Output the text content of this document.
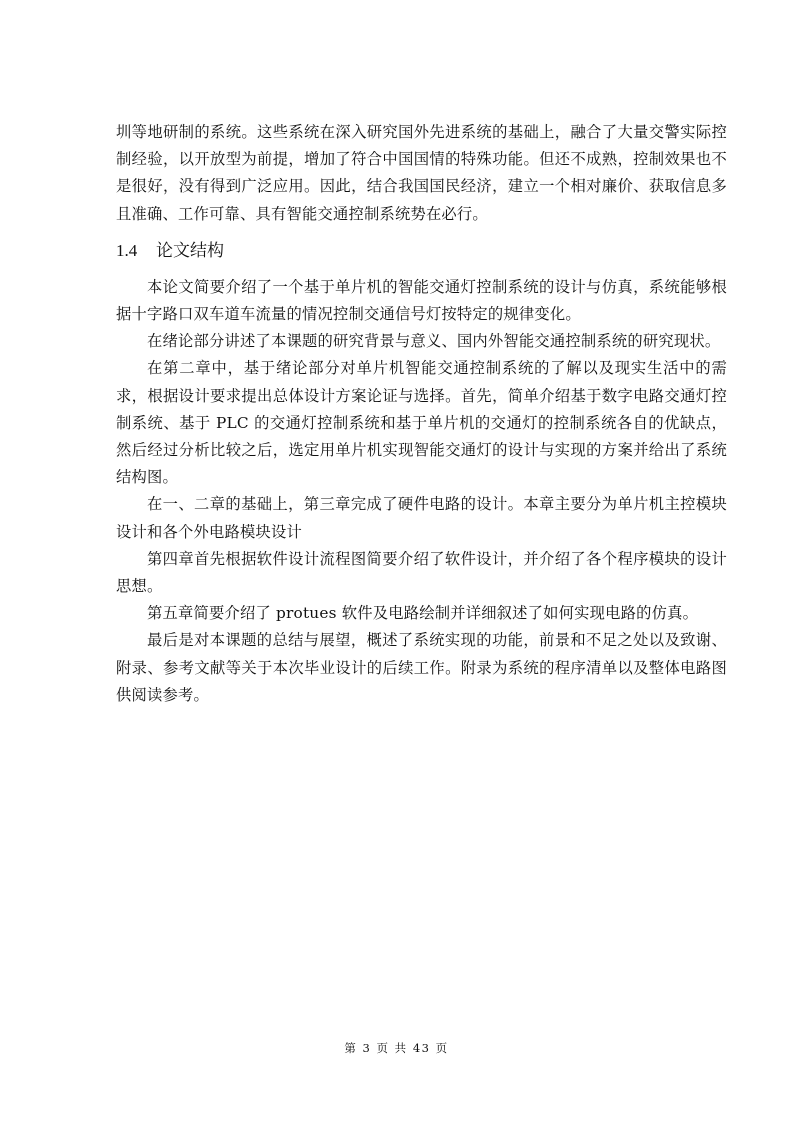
圳等地研制的系统。这些系统在深入研究国外先进系统的基础上，融合了大量交警实际控制经验，以开放型为前提，增加了符合中国国情的特殊功能。但还不成熟，控制效果也不是很好，没有得到广泛应用。因此，结合我国国民经济，建立一个相对廉价、获取信息多且准确、工作可靠、具有智能交通控制系统势在必行。

1.4 论文结构

本论文简要介绍了一个基于单片机的智能交通灯控制系统的设计与仿真，系统能够根据十字路口双车道车流量的情况控制交通信号灯按特定的规律变化。

在绪论部分讲述了本课题的研究背景与意义、国内外智能交通控制系统的研究现状。

在第二章中，基于绪论部分对单片机智能交通控制系统的了解以及现实生活中的需求，根据设计要求提出总体设计方案论证与选择。首先，简单介绍基于数字电路交通灯控制系统、基于 PLC 的交通灯控制系统和基于单片机的交通灯的控制系统各自的优缺点，然后经过分析比较之后，选定用单片机实现智能交通灯的设计与实现的方案并给出了系统结构图。

在一、二章的基础上，第三章完成了硬件电路的设计。本章主要分为单片机主控模块设计和各个外电路模块设计

第四章首先根据软件设计流程图简要介绍了软件设计，并介绍了各个程序模块的设计思想。

第五章简要介绍了 protues 软件及电路绘制并详细叙述了如何实现电路的仿真。

最后是对本课题的总结与展望，概述了系统实现的功能，前景和不足之处以及致谢、附录、参考文献等关于本次毕业设计的后续工作。附录为系统的程序清单以及整体电路图供阅读参考。

第 3 页 共 43 页
